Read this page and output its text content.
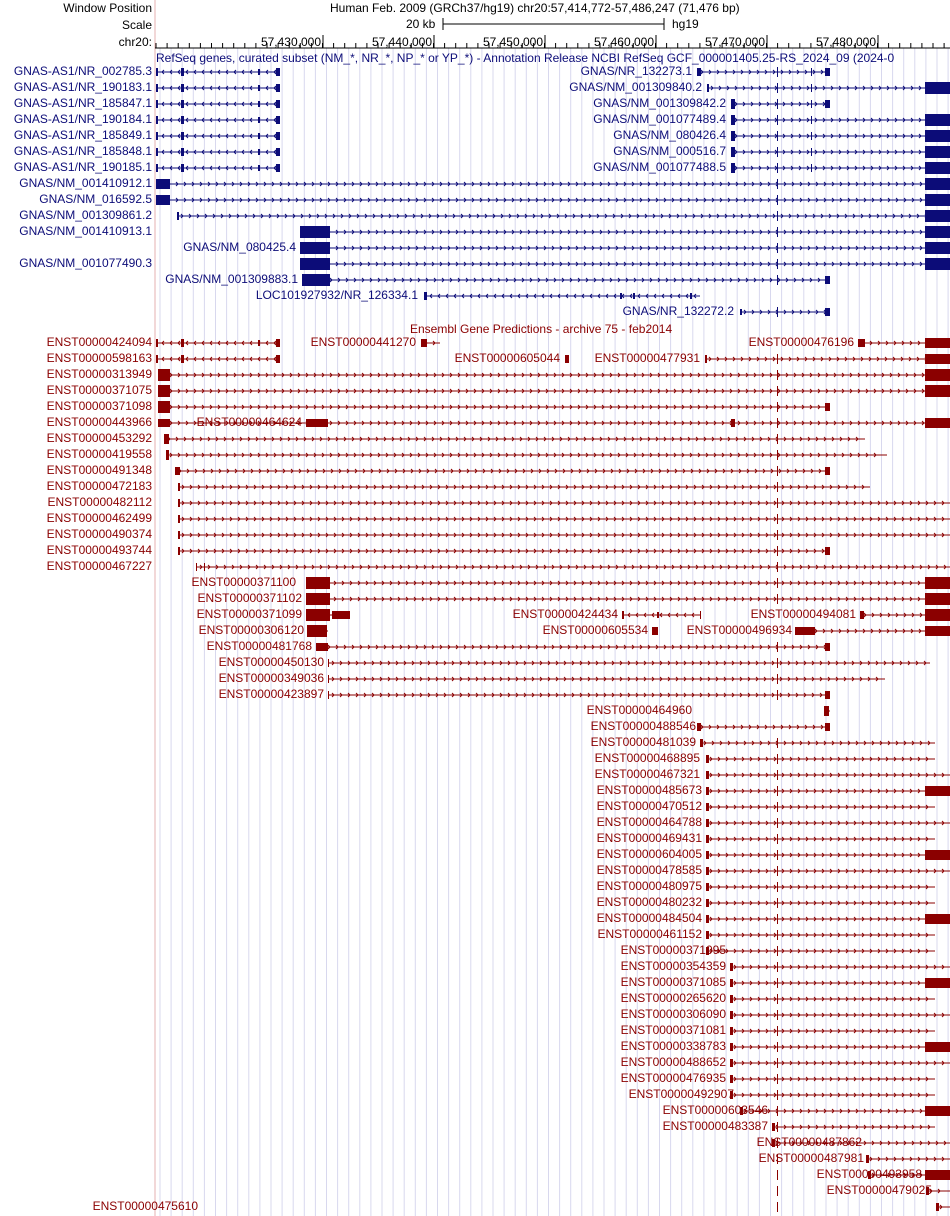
Window Position
Scale
chr20:
Human Feb. 2009 (GRCh37/hg19) chr20:57,414,772-57,486,247 (71,476 bp)
20 kb	hg19
57,430,000	57,440,000	57,450,000	57,460,000	57,470,000	57,480,000
RefSeq genes, curated subset (NM_*, NR_*, NP_* or YP_*) - Annotation Release NCBI RefSeq GCF_000001405.25-RS_2024_09 (2024-0
Ensembl Gene Predictions - archive 75 - feb2014
GNAS-AS1/NR_002785.3
GNAS-AS1/NR_190183.1
GNAS-AS1/NR_185847.1
GNAS-AS1/NR_190184.1
GNAS-AS1/NR_185849.1
GNAS-AS1/NR_185848.1
GNAS-AS1/NR_190185.1
GNAS/NM_001410912.1
GNAS/NM_016592.5
GNAS/NM_001309861.2
GNAS/NM_001410913.1
GNAS/NM_001077490.3
GNAS/NR_132273.1
GNAS/NM_001309840.2
GNAS/NM_001309842.2
GNAS/NM_001077489.4
GNAS/NM_080426.4
GNAS/NM_000516.7
GNAS/NM_001077488.5
GNAS/NM_080425.4
GNAS/NM_001309883.1
LOC101927932/NR_126334.1
GNAS/NR_132272.2
ENST00000424094
ENST00000598163
ENST00000313949
ENST00000371075
ENST00000371098
ENST00000443966
ENST00000453292
ENST00000419558
ENST00000491348
ENST00000472183
ENST00000482112
ENST00000462499
ENST00000490374
ENST00000493744
ENST00000467227
ENST00000441270	ENST00000476196
ENST00000605044	ENST00000477931
ENST00000464624
ENST00000371100
ENST00000371102
ENST00000371099	ENST00000424434	ENST00000494081
ENST00000306120	ENST00000605534	ENST00000496934
ENST00000481768
ENST00000450130
ENST00000349036
ENST00000423897
ENST00000464960
ENST00000488546
ENST00000481039
ENST00000468895
ENST00000467321
ENST00000485673
ENST00000470512
ENST00000464788
ENST00000469431
ENST00000604005
ENST00000478585
ENST00000480975
ENST00000480232
ENST00000484504
ENST00000461152
ENST00000371095
ENST00000354359
ENST00000371085
ENST00000265620
ENST00000306090
ENST00000371081
ENST00000338783
ENST00000488652
ENST00000476935
ENST00000492907
ENST00000603546
ENST00000483387
ENST00000487862
ENST00000487981
ENST00000493958
ENST00000479025
ENST00000475610
